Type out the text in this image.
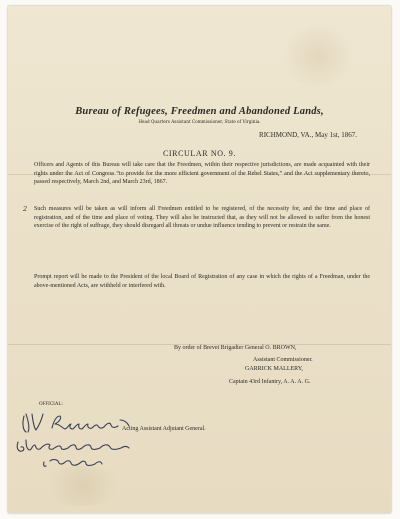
Bureau of Refugees, Freedmen and Abandoned Lands,
Head Quarters Assistant Commissioner, State of Virginia.
RICHMOND, VA., May 1st, 1867.
CIRCULAR NO. 9.

Officers and Agents of this Bureau will take care that the Freedmen, within their respective jurisdictions, are made acquainted with their rights under the Act of Congress “to provide for the more efficient government of the Rebel States,” and the Act supplementary thereto, passed respectively, March 2nd, and March 23rd, 1867.

2 Such measures will be taken as will inform all Freedmen entitled to be registered, of the necessity for, and the time and place of registration, and of the time and place of voting. They will also be instructed that, as they will not be allowed to suffer from the honest exercise of the right of suffrage, they should disregard all threats or undue influence tending to prevent or restrain the same.

Prompt report will be made to the President of the local Board of Registration of any case in which the rights of a Freedman, under the above-mentioned Acts, are withheld or interfered with.

By order of Brevet Brigadier General O. BROWN,
Assistant Commissioner.
GARRICK MALLERY,
Captain 43rd Infantry, A. A. A. G.
OFFICIAL:
Acting Assistant Adjutant General.
